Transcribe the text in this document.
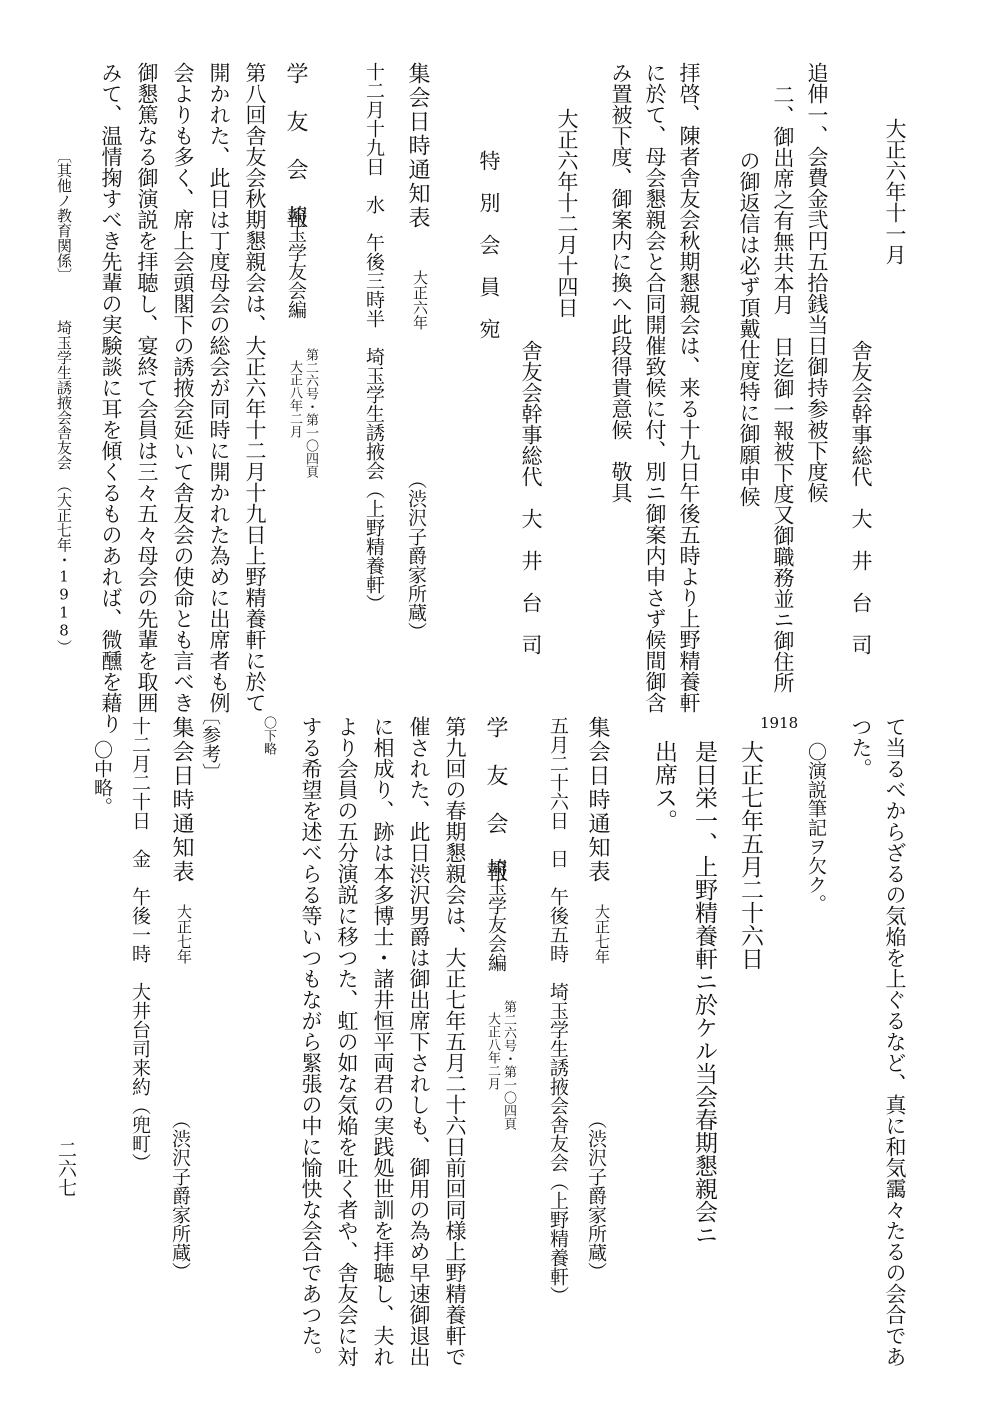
大正六年十一月
舎友会幹事総代　大　井　台　司
追伸一、会費金弐円五拾銭当日御持参被下度候
二、御出席之有無共本月　日迄御一報被下度又御職務並ニ御住所
の御返信は必ず頂戴仕度特に御願申候
拝啓、陳者舎友会秋期懇親会は、来る十九日午後五時より上野精養軒
に於て、母会懇親会と合同開催致候に付、別ニ御案内申さず候間御含
み置被下度、御案内に換へ此段得貴意候　敬具
大正六年十二月十四日
舎友会幹事総代　大　井　台　司
特　別　会　員　宛
集会日時通知表
大正六年
（渋沢子爵家所蔵）
十二月十九日　水　午後三時半　埼玉学生誘掖会（上野精養軒）
学　友　会　報
埼玉学友会編
第二六号・第一〇四頁
大正八年二月
第八回舎友会秋期懇親会は、大正六年十二月十九日上野精養軒に於て
開かれた、此日は丁度母会の総会が同時に開かれた為めに出席者も例
会よりも多く、席上会頭閣下の誘掖会延いて舎友会の使命とも言べき
御懇篤なる御演説を拝聴し、宴終て会員は三々五々母会の先輩を取囲
みて、温情掬すべき先輩の実験談に耳を傾くるものあれば、微醺を藉り
〔其他ノ教育関係〕
埼玉学生誘掖会舎友会　（大正七年・1918）
て当るべからざるの気焔を上ぐるなど、真に和気靄々たるの会合であ
つた。
〇演説筆記ヲ欠ク。
1918
大正七年五月二十六日
是日栄一、上野精養軒ニ於ケル当会春期懇親会ニ
出席ス。
集会日時通知表
大正七年
（渋沢子爵家所蔵）
五月二十六日　日　午後五時　埼玉学生誘掖会舎友会（上野精養軒）
学　友　会　報
埼玉学友会編
第二六号・第一〇四頁
大正八年二月
第九回の春期懇親会は、大正七年五月二十六日前回同様上野精養軒で
催された、此日渋沢男爵は御出席下されしも、御用の為め早速御退出
に相成り、跡は本多博士・諸井恒平両君の実践処世訓を拝聴し、夫れ
より会員の五分演説に移つた、虹の如な気焔を吐く者や、舎友会に対
する希望を述べらる等いつもながら緊張の中に愉快な会合であつた。
〇下略
〔参考〕
集会日時通知表
大正七年
（渋沢子爵家所蔵）
十二月二十日　金　午後一時　大井台司来約（兜町）
〇中略。
二六七
